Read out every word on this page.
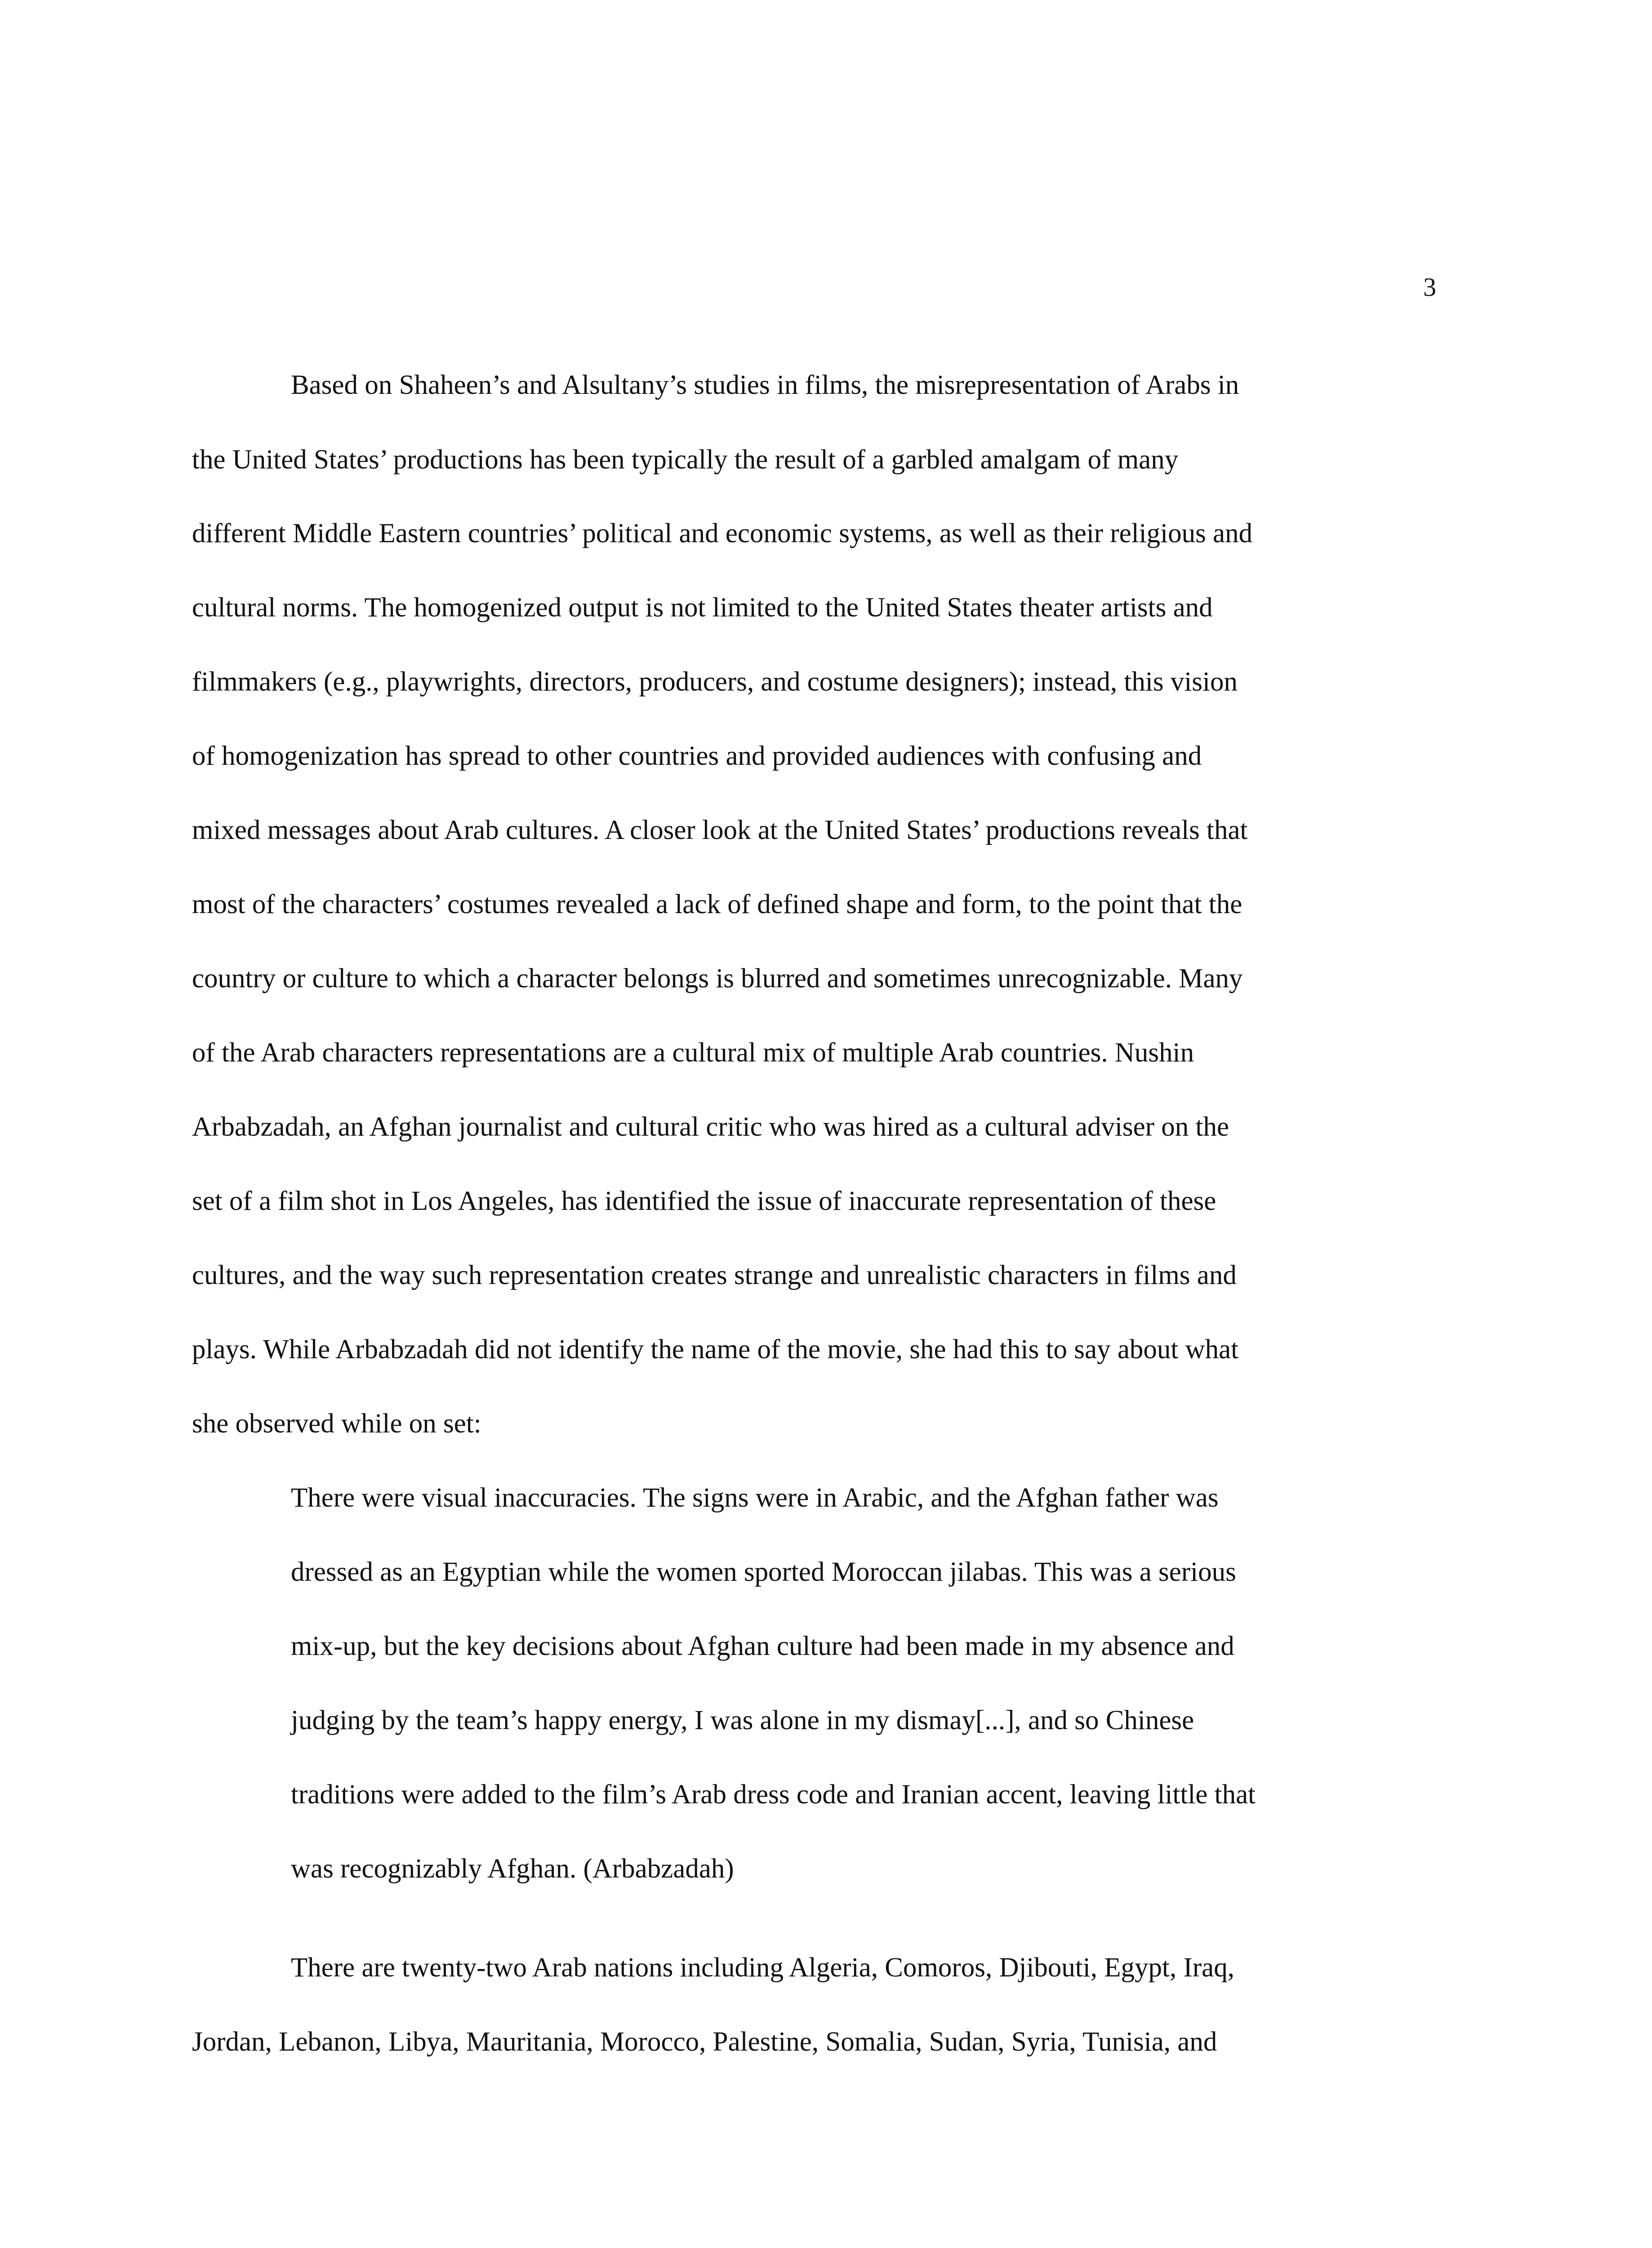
3
Based on Shaheen’s and Alsultany’s studies in films, the misrepresentation of Arabs in
the United States’ productions has been typically the result of a garbled amalgam of many
different Middle Eastern countries’ political and economic systems, as well as their religious and
cultural norms. The homogenized output is not limited to the United States theater artists and
filmmakers (e.g., playwrights, directors, producers, and costume designers); instead, this vision
of homogenization has spread to other countries and provided audiences with confusing and
mixed messages about Arab cultures. A closer look at the United States’ productions reveals that
most of the characters’ costumes revealed a lack of defined shape and form, to the point that the
country or culture to which a character belongs is blurred and sometimes unrecognizable. Many
of the Arab characters representations are a cultural mix of multiple Arab countries. Nushin
Arbabzadah, an Afghan journalist and cultural critic who was hired as a cultural adviser on the
set of a film shot in Los Angeles, has identified the issue of inaccurate representation of these
cultures, and the way such representation creates strange and unrealistic characters in films and
plays. While Arbabzadah did not identify the name of the movie, she had this to say about what
she observed while on set:
There were visual inaccuracies. The signs were in Arabic, and the Afghan father was
dressed as an Egyptian while the women sported Moroccan jilabas. This was a serious
mix-up, but the key decisions about Afghan culture had been made in my absence and
judging by the team’s happy energy, I was alone in my dismay[...], and so Chinese
traditions were added to the film’s Arab dress code and Iranian accent, leaving little that
was recognizably Afghan. (Arbabzadah)
There are twenty-two Arab nations including Algeria, Comoros, Djibouti, Egypt, Iraq,
Jordan, Lebanon, Libya, Mauritania, Morocco, Palestine, Somalia, Sudan, Syria, Tunisia, and
